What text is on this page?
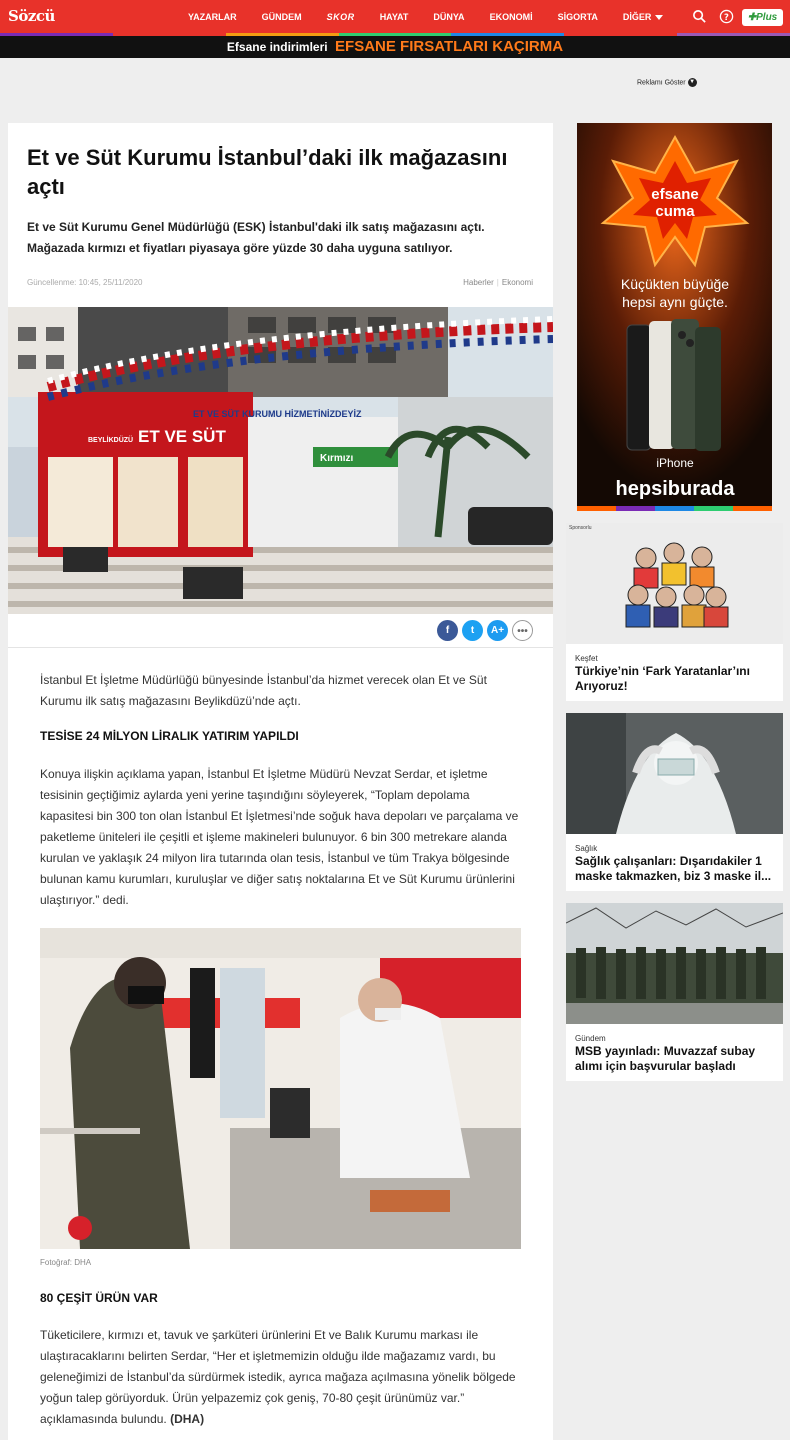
Sözcü	YAZARLAR	GÜNDEM	SKOR	HAYAT	DÜNYA	EKONOMİ	SİGORTA	DİĞER	?	✚Plus
Efsane indirimleri EFSANE FIRSATLARI KAÇIRMA
Reklamı Göster ▼
Et ve Süt Kurumu İstanbul’daki ilk mağazasını açtı

Et ve Süt Kurumu Genel Müdürlüğü (ESK) İstanbul'daki ilk satış mağazasını açtı. Mağazada kırmızı et fiyatları piyasaya göre yüzde 30 daha uyguna satılıyor.

Güncellenme: 10:45, 25/11/2020	Haberler | Ekonomi
ET VE SÜT
BEYLİKDÜZÜ
ET VE SÜT KURUMU HİZMETİNİZDEYİZ
Kırmızı
f	t	A+	•••

İstanbul Et İşletme Müdürlüğü bünyesinde İstanbul’da hizmet verecek olan Et ve Süt Kurumu ilk satış mağazasını Beylikdüzü’nde açtı.

TESİSE 24 MİLYON LİRALIK YATIRIM YAPILDI

Konuya ilişkin açıklama yapan, İstanbul Et İşletme Müdürü Nevzat Serdar, et işletme tesisinin geçtiğimiz aylarda yeni yerine taşındığını söyleyerek, “Toplam depolama kapasitesi bin 300 ton olan İstanbul Et İşletmesi’nde soğuk hava depoları ve parçalama ve paketleme üniteleri ile çeşitli et işleme makineleri bulunuyor. 6 bin 300 metrekare alanda kurulan ve yaklaşık 24 milyon lira tutarında olan tesis, İstanbul ve tüm Trakya bölgesinde bulunan kamu kurumları, kuruluşlar ve diğer satış noktalarına Et ve Süt Kurumu ürünlerini ulaştırıyor.” dedi.

Fotoğraf: DHA
80 ÇEŞİT ÜRÜN VAR

Tüketicilere, kırmızı et, tavuk ve şarküteri ürünlerini Et ve Balık Kurumu markası ile ulaştıracaklarını belirten Serdar, “Her et işletmemizin olduğu ilde mağazamız vardı, bu geleneğimizi de İstanbul’da sürdürmek istedik, ayrıca mağaza açılmasına yönelik bölgede yoğun talep görüyorduk. Ürün yelpazemiz çok geniş, 70-80 çeşit ürünümüz var.” açıklamasında bulundu. (DHA)

efsane
cuma
Küçükten büyüğe
hepsi aynı güçte.
iPhone
hepsiburada
Sponsorlu
Keşfet
Türkiye’nin ‘Fark Yaratanlar’ını Arıyoruz!
Sağlık
Sağlık çalışanları: Dışarıdakiler 1 maske takmazken, biz 3 maske il...
Gündem
MSB yayınladı: Muvazzaf subay alımı için başvurular başladı
